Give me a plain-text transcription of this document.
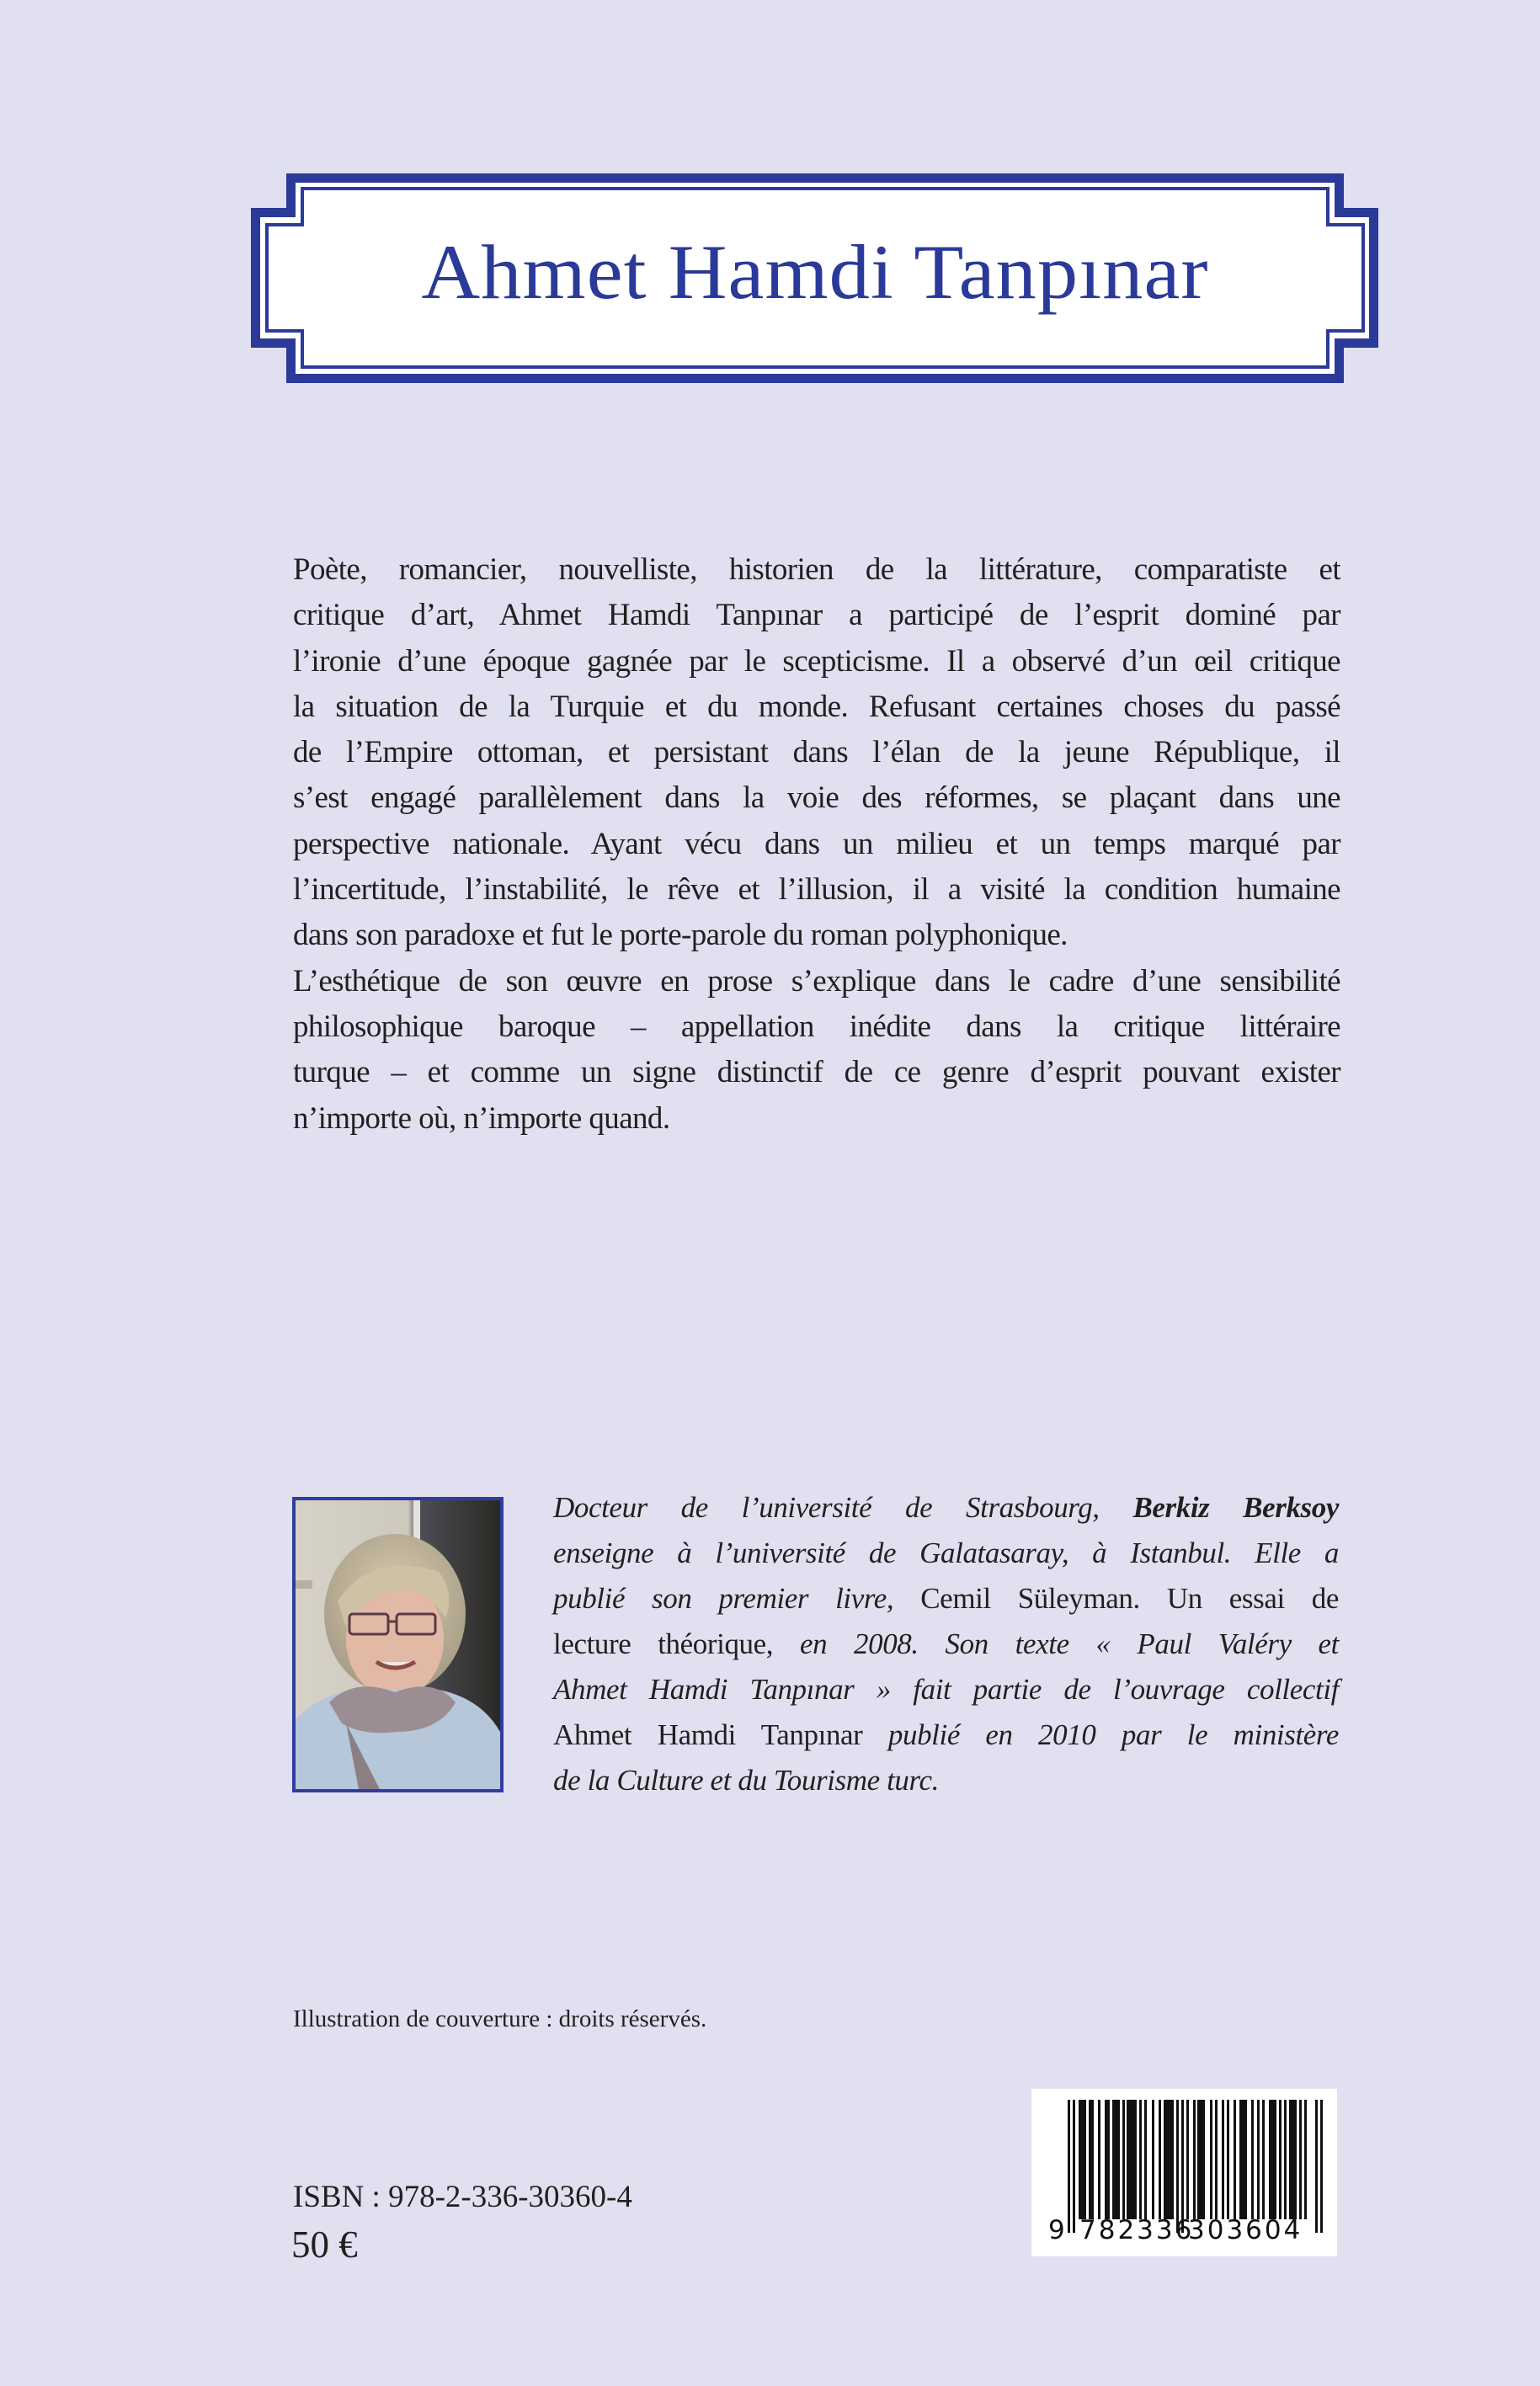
Ahmet Hamdi Tanpınar
Poète, romancier, nouvelliste, historien de la littérature, comparatiste et
critique d’art, Ahmet Hamdi Tanpınar a participé de l’esprit dominé par
l’ironie d’une époque gagnée par le scepticisme. Il a observé d’un œil critique
la situation de la Turquie et du monde. Refusant certaines choses du passé
de l’Empire ottoman, et persistant dans l’élan de la jeune République, il
s’est engagé parallèlement dans la voie des réformes, se plaçant dans une
perspective nationale. Ayant vécu dans un milieu et un temps marqué par
l’incertitude, l’instabilité, le rêve et l’illusion, il a visité la condition humaine
dans son paradoxe et fut le porte-parole du roman polyphonique.
L’esthétique de son œuvre en prose s’explique dans le cadre d’une sensibilité
philosophique baroque – appellation inédite dans la critique littéraire
turque – et comme un signe distinctif de ce genre d’esprit pouvant exister
n’importe où, n’importe quand.
Docteur de l’université de Strasbourg, Berkiz Berksoy
enseigne à l’université de Galatasaray, à Istanbul. Elle a
publié son premier livre, Cemil Süleyman. Un essai de
lecture théorique, en 2008. Son texte « Paul Valéry et
Ahmet Hamdi Tanpınar » fait partie de l’ouvrage collectif
Ahmet Hamdi Tanpınar publié en 2010 par le ministère
de la Culture et du Tourisme turc.
Illustration de couverture : droits réservés.
ISBN : 978-2-336-30360-4
50 €	9 782336
303604
